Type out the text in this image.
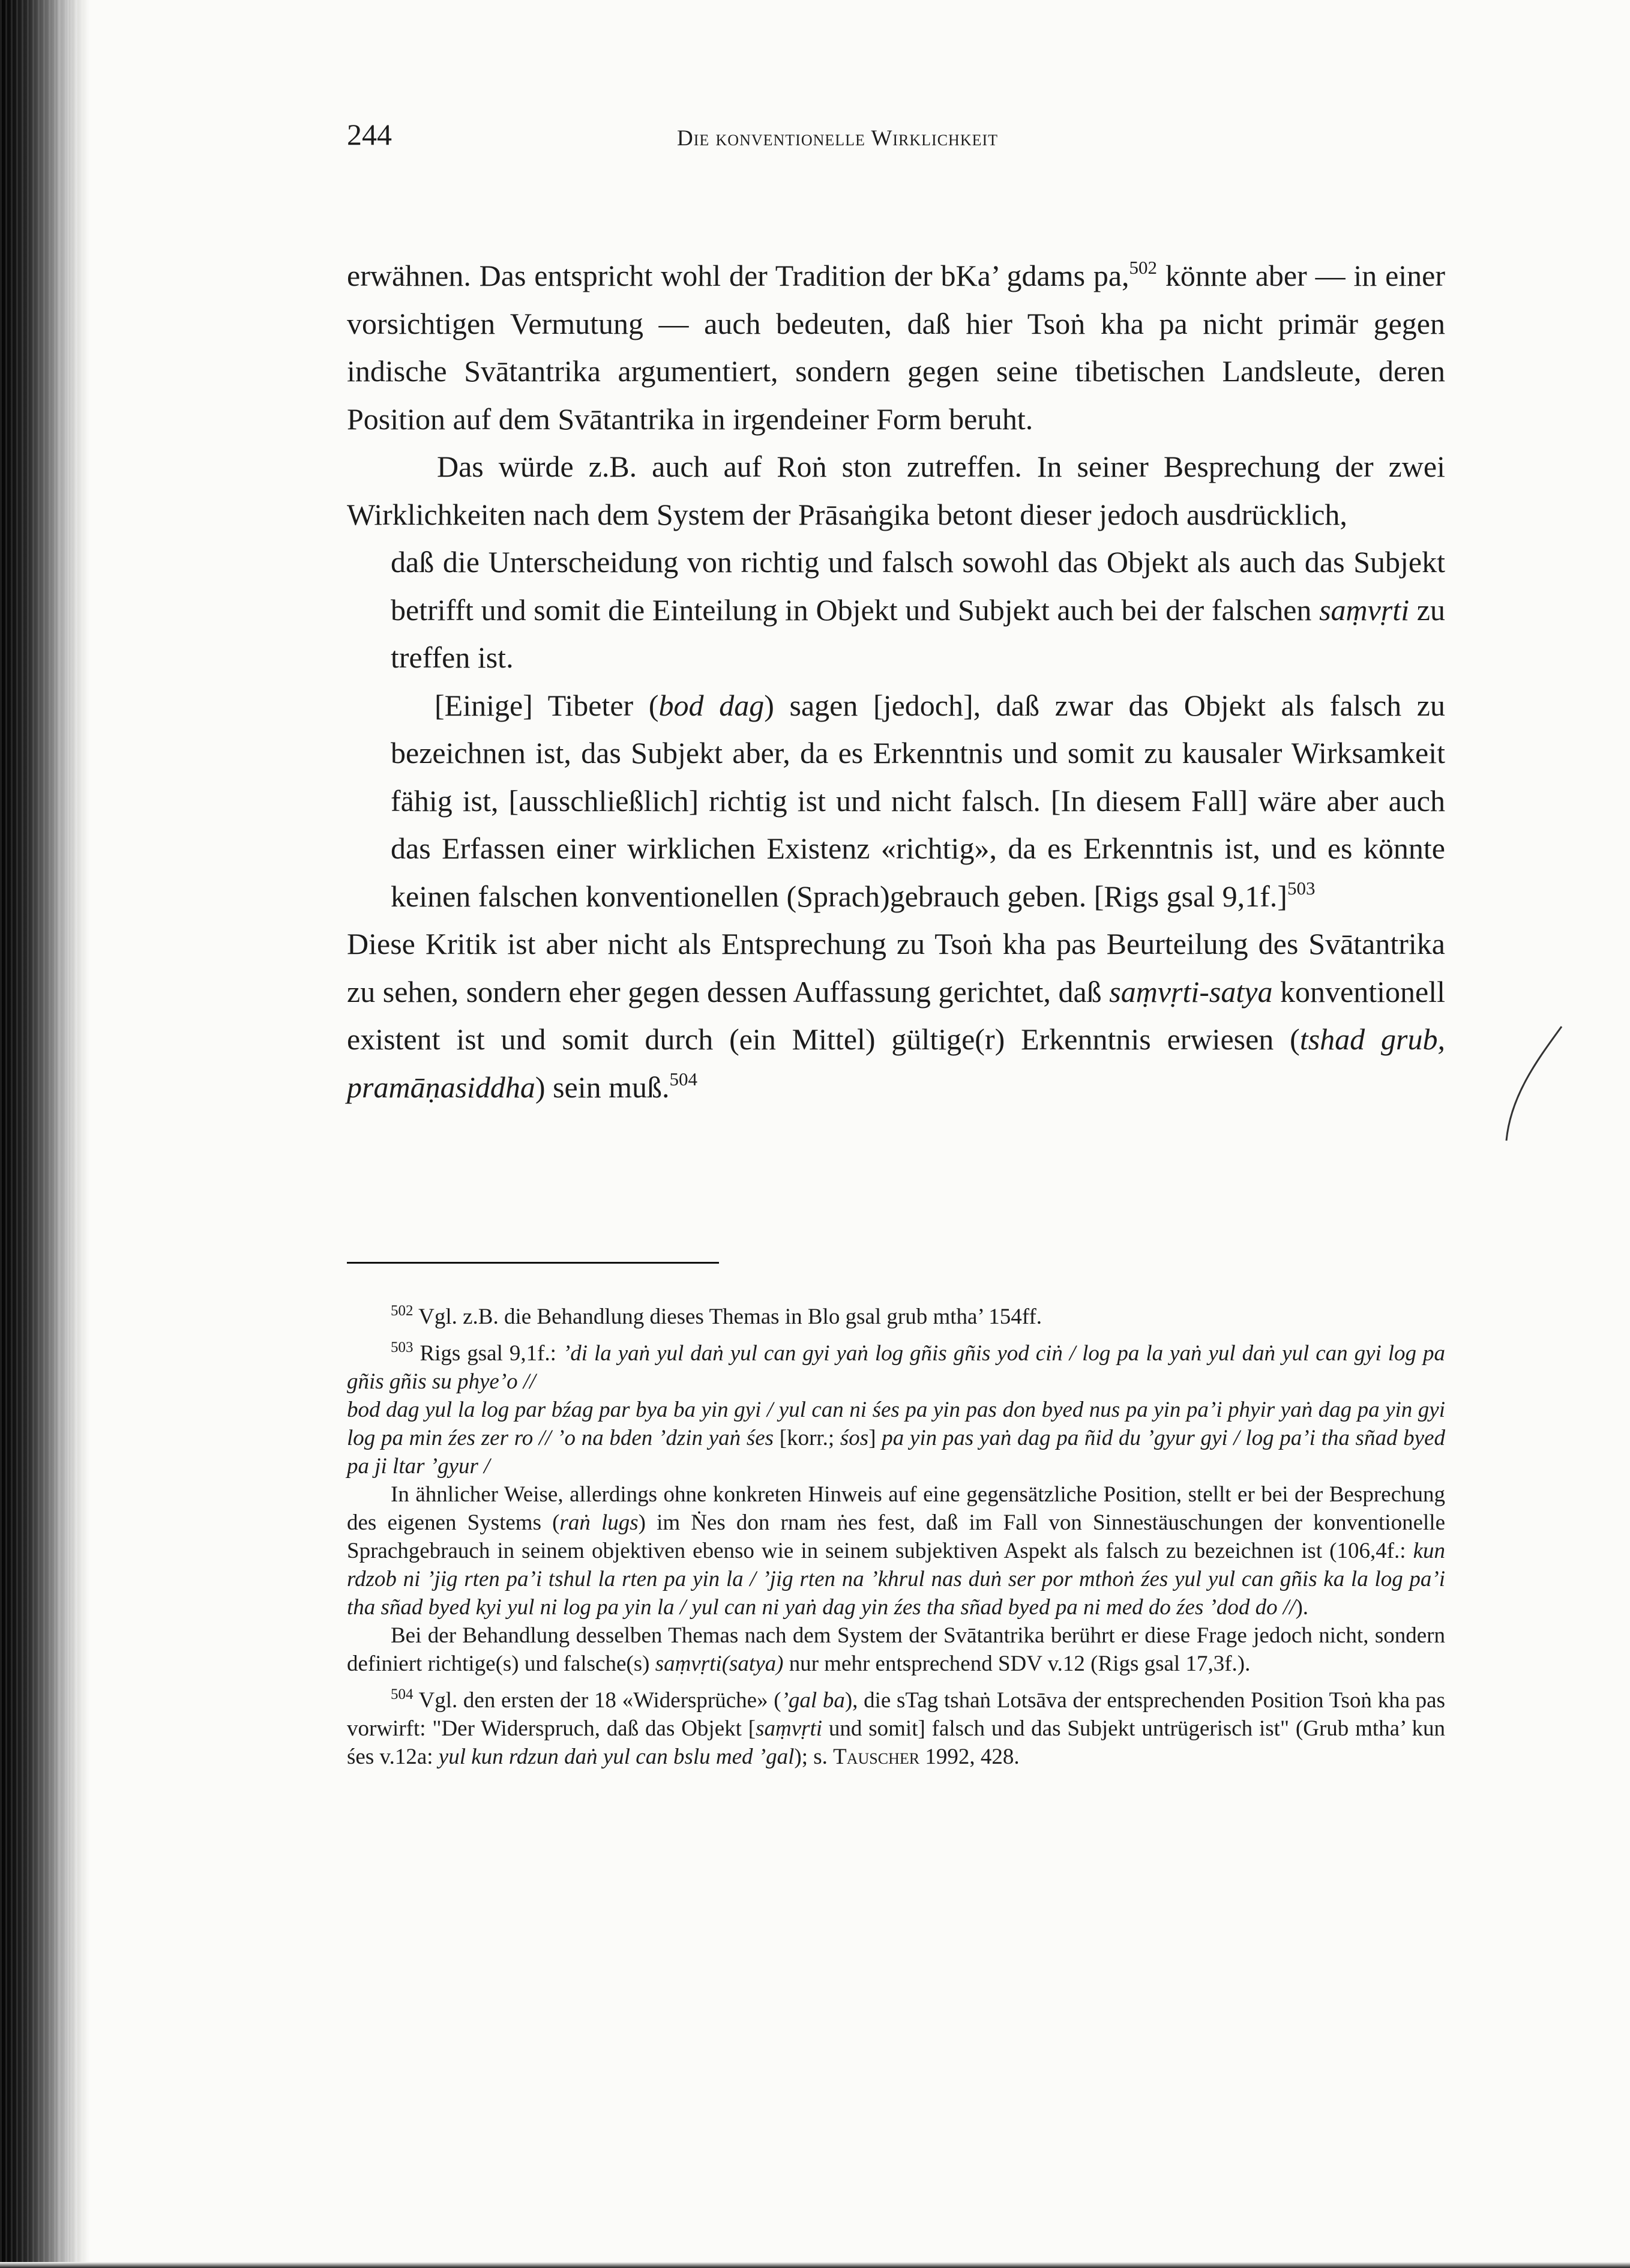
244	Die konventionelle Wirklichkeit

erwähnen. Das entspricht wohl der Tradition der bKa’ gdams pa,$^{502}$ könnte aber — in einer vorsichtigen Vermutung — auch bedeuten, daß hier Tsoṅ kha pa nicht primär gegen indische Svātantrika argumentiert, sondern gegen seine tibetischen Landsleute, deren Position auf dem Svātantrika in irgendeiner Form beruht.

Das würde z.B. auch auf Roṅ ston zutreffen. In seiner Besprechung der zwei Wirklichkeiten nach dem System der Prāsaṅgika betont dieser jedoch ausdrücklich,

daß die Unterscheidung von richtig und falsch sowohl das Objekt als auch das Subjekt betrifft und somit die Einteilung in Objekt und Subjekt auch bei der falschen saṃvṛti zu treffen ist.

[Einige] Tibeter (bod dag) sagen [jedoch], daß zwar das Objekt als falsch zu bezeichnen ist, das Subjekt aber, da es Erkenntnis und somit zu kausaler Wirksamkeit fähig ist, [ausschließlich] richtig ist und nicht falsch. [In diesem Fall] wäre aber auch das Erfassen einer wirklichen Existenz «richtig», da es Erkenntnis ist, und es könnte keinen falschen konventionellen (Sprach)gebrauch geben. [Rigs gsal 9,1f.]$^{503}$

Diese Kritik ist aber nicht als Entsprechung zu Tsoṅ kha pas Beurteilung des Svātantrika zu sehen, sondern eher gegen dessen Auffassung gerichtet, daß saṃvṛti-satya konventionell existent ist und somit durch (ein Mittel) gültige(r) Erkenntnis erwiesen (tshad grub, pramāṇasiddha) sein muß.$^{504}$

$^{502}$ Vgl. z.B. die Behandlung dieses Themas in Blo gsal grub mtha’ 154ff.

$^{503}$ Rigs gsal 9,1f.: ’di la yaṅ yul daṅ yul can gyi yaṅ log gñis gñis yod ciṅ / log pa la yaṅ yul daṅ yul can gyi log pa gñis gñis su phye’o //

bod dag yul la log par bźag par bya ba yin gyi / yul can ni śes pa yin pas don byed nus pa yin pa’i phyir yaṅ dag pa yin gyi log pa min źes zer ro // ’o na bden ’dzin yaṅ śes [korr.; śos] pa yin pas yaṅ dag pa ñid du ’gyur gyi / log pa’i tha sñad byed pa ji ltar ’gyur /

In ähnlicher Weise, allerdings ohne konkreten Hinweis auf eine gegensätzliche Position, stellt er bei der Besprechung des eigenen Systems (raṅ lugs) im Ṅes don rnam ṅes fest, daß im Fall von Sinnestäuschungen der konventionelle Sprachgebrauch in seinem objektiven ebenso wie in seinem subjektiven Aspekt als falsch zu bezeichnen ist (106,4f.: kun rdzob ni ’jig rten pa’i tshul la rten pa yin la / ’jig rten na ’khrul nas duṅ ser por mthoṅ źes yul yul can gñis ka la log pa’i tha sñad byed kyi yul ni log pa yin la / yul can ni yaṅ dag yin źes tha sñad byed pa ni med do źes ’dod do //).

Bei der Behandlung desselben Themas nach dem System der Svātantrika berührt er diese Frage jedoch nicht, sondern definiert richtige(s) und falsche(s) saṃvṛti(satya) nur mehr entsprechend SDV v.12 (Rigs gsal 17,3f.).

$^{504}$ Vgl. den ersten der 18 «Widersprüche» (’gal ba), die sTag tshaṅ Lotsāva der entsprechenden Position Tsoṅ kha pas vorwirft: "Der Widerspruch, daß das Objekt [saṃvṛti und somit] falsch und das Subjekt untrügerisch ist" (Grub mtha’ kun śes v.12a: yul kun rdzun daṅ yul can bslu med ’gal); s. Tauscher 1992, 428.
